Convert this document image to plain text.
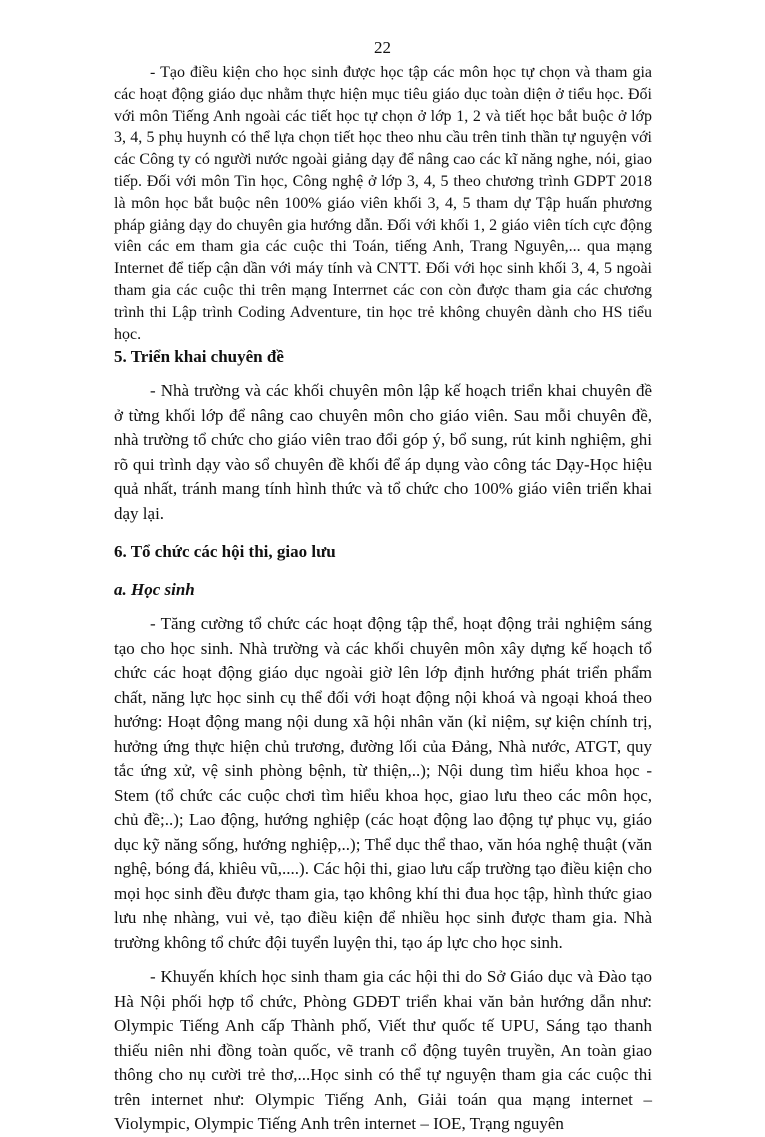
22

- Tạo điều kiện cho học sinh được học tập các môn học tự chọn và tham gia các hoạt động giáo dục nhằm thực hiện mục tiêu giáo dục toàn diện ở tiểu học. Đối với môn Tiếng Anh ngoài các tiết học tự chọn ở lớp 1, 2 và tiết học bắt buộc ở lớp 3, 4, 5 phụ huynh có thể lựa chọn tiết học theo nhu cầu trên tinh thần tự nguyện với các Công ty có người nước ngoài giảng dạy để nâng cao các kĩ năng nghe, nói, giao tiếp. Đối với môn Tin học, Công nghệ ở lớp 3, 4, 5 theo chương trình GDPT 2018 là môn học bắt buộc nên 100% giáo viên khối 3, 4, 5 tham dự Tập huấn phương pháp giảng dạy do chuyên gia hướng dẫn. Đối với khối 1, 2 giáo viên tích cực động viên các em tham gia các cuộc thi Toán, tiếng Anh, Trang Nguyên,... qua mạng Internet để tiếp cận dần với máy tính và CNTT. Đối với học sinh khối 3, 4, 5 ngoài tham gia các cuộc thi trên mạng Interrnet các con còn được tham gia các chương trình thi Lập trình Coding Adventure, tin học trẻ không chuyên dành cho HS tiểu học.

5. Triển khai chuyên đề

- Nhà trường và các khối chuyên môn lập kế hoạch triển khai chuyên đề ở từng khối lớp để nâng cao chuyên môn cho giáo viên. Sau mỗi chuyên đề, nhà trường tổ chức cho giáo viên trao đổi góp ý, bổ sung, rút kinh nghiệm, ghi rõ qui trình dạy vào sổ chuyên đề khối để áp dụng vào công tác Dạy-Học hiệu quả nhất, tránh mang tính hình thức và tổ chức cho 100% giáo viên triển khai dạy lại.

6. Tổ chức các hội thi, giao lưu
a. Học sinh

- Tăng cường tổ chức các hoạt động tập thể, hoạt động trải nghiệm sáng tạo cho học sinh. Nhà trường và các khối chuyên môn xây dựng kế hoạch tổ chức các hoạt động giáo dục ngoài giờ lên lớp định hướng phát triển phẩm chất, năng lực học sinh cụ thể đối với hoạt động nội khoá và ngoại khoá theo hướng: Hoạt động mang nội dung xã hội nhân văn (kỉ niệm, sự kiện chính trị, hưởng ứng thực hiện chủ trương, đường lối của Đảng, Nhà nước, ATGT, quy tắc ứng xử, vệ sinh phòng bệnh, từ thiện,..); Nội dung tìm hiểu khoa học - Stem (tổ chức các cuộc chơi tìm hiểu khoa học, giao lưu theo các môn học, chủ đề;..); Lao động, hướng nghiệp (các hoạt động lao động tự phục vụ, giáo dục kỹ năng sống, hướng nghiệp,..); Thể dục thể thao, văn hóa nghệ thuật (văn nghệ, bóng đá, khiêu vũ,....). Các hội thi, giao lưu cấp trường tạo điều kiện cho mọi học sinh đều được tham gia, tạo không khí thi đua học tập, hình thức giao lưu nhẹ nhàng, vui vẻ, tạo điều kiện để nhiều học sinh được tham gia. Nhà trường không tổ chức đội tuyển luyện thi, tạo áp lực cho học sinh.

- Khuyến khích học sinh tham gia các hội thi do Sở Giáo dục và Đào tạo Hà Nội phối hợp tổ chức, Phòng GDĐT triển khai văn bản hướng dẫn như: Olympic Tiếng Anh cấp Thành phố, Viết thư quốc tế UPU, Sáng tạo thanh thiếu niên nhi đồng toàn quốc, vẽ tranh cổ động tuyên truyền, An toàn giao thông cho nụ cười trẻ thơ,...Học sinh có thể tự nguyện tham gia các cuộc thi trên internet như: Olympic Tiếng Anh, Giải toán qua mạng internet – Violympic, Olympic Tiếng Anh trên internet – IOE, Trạng nguyên
